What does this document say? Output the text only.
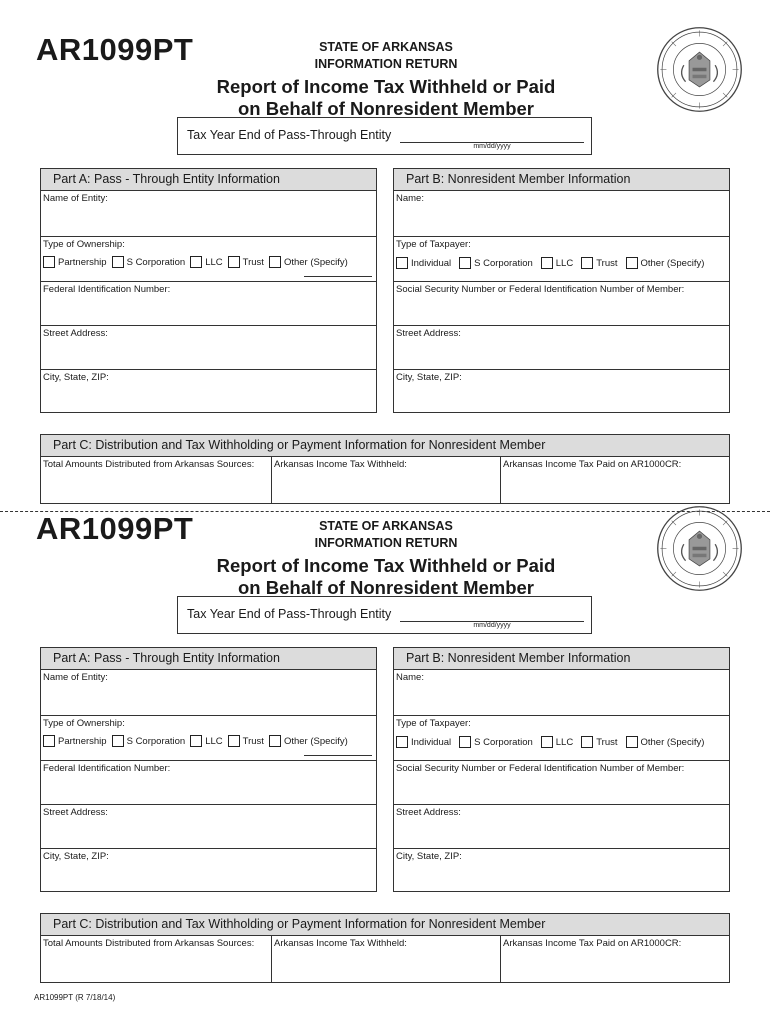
AR1099PT	STATE OF ARKANSAS
INFORMATION RETURN
Report of Income Tax Withheld or Paid
on Behalf of Nonresident Member
Tax Year End of Pass-Through Entity
mm/dd/yyyy
Part A: Pass - Through Entity Information
Name of Entity:
Type of Ownership:
Partnership S Corporation LLC Trust Other (Specify)
Federal Identification Number:
Street Address:
City, State, ZIP:
Part B: Nonresident Member Information
Name:
Type of Taxpayer:
Individual S Corporation LLC Trust Other (Specify)
Social Security Number or Federal Identification Number of Member:
Street Address:
City, State, ZIP:
Part C: Distribution and Tax Withholding or Payment Information for Nonresident Member
Total Amounts Distributed from Arkansas Sources:	Arkansas Income Tax Withheld:	Arkansas Income Tax Paid on AR1000CR:
AR1099PT	STATE OF ARKANSAS
INFORMATION RETURN
Report of Income Tax Withheld or Paid
on Behalf of Nonresident Member
Tax Year End of Pass-Through Entity
mm/dd/yyyy
Part A: Pass - Through Entity Information
Name of Entity:
Type of Ownership:
Partnership S Corporation LLC Trust Other (Specify)
Federal Identification Number:
Street Address:
City, State, ZIP:
Part B: Nonresident Member Information
Name:
Type of Taxpayer:
Individual S Corporation LLC Trust Other (Specify)
Social Security Number or Federal Identification Number of Member:
Street Address:
City, State, ZIP:
Part C: Distribution and Tax Withholding or Payment Information for Nonresident Member
Total Amounts Distributed from Arkansas Sources:	Arkansas Income Tax Withheld:	Arkansas Income Tax Paid on AR1000CR:
AR1099PT (R 7/18/14)
